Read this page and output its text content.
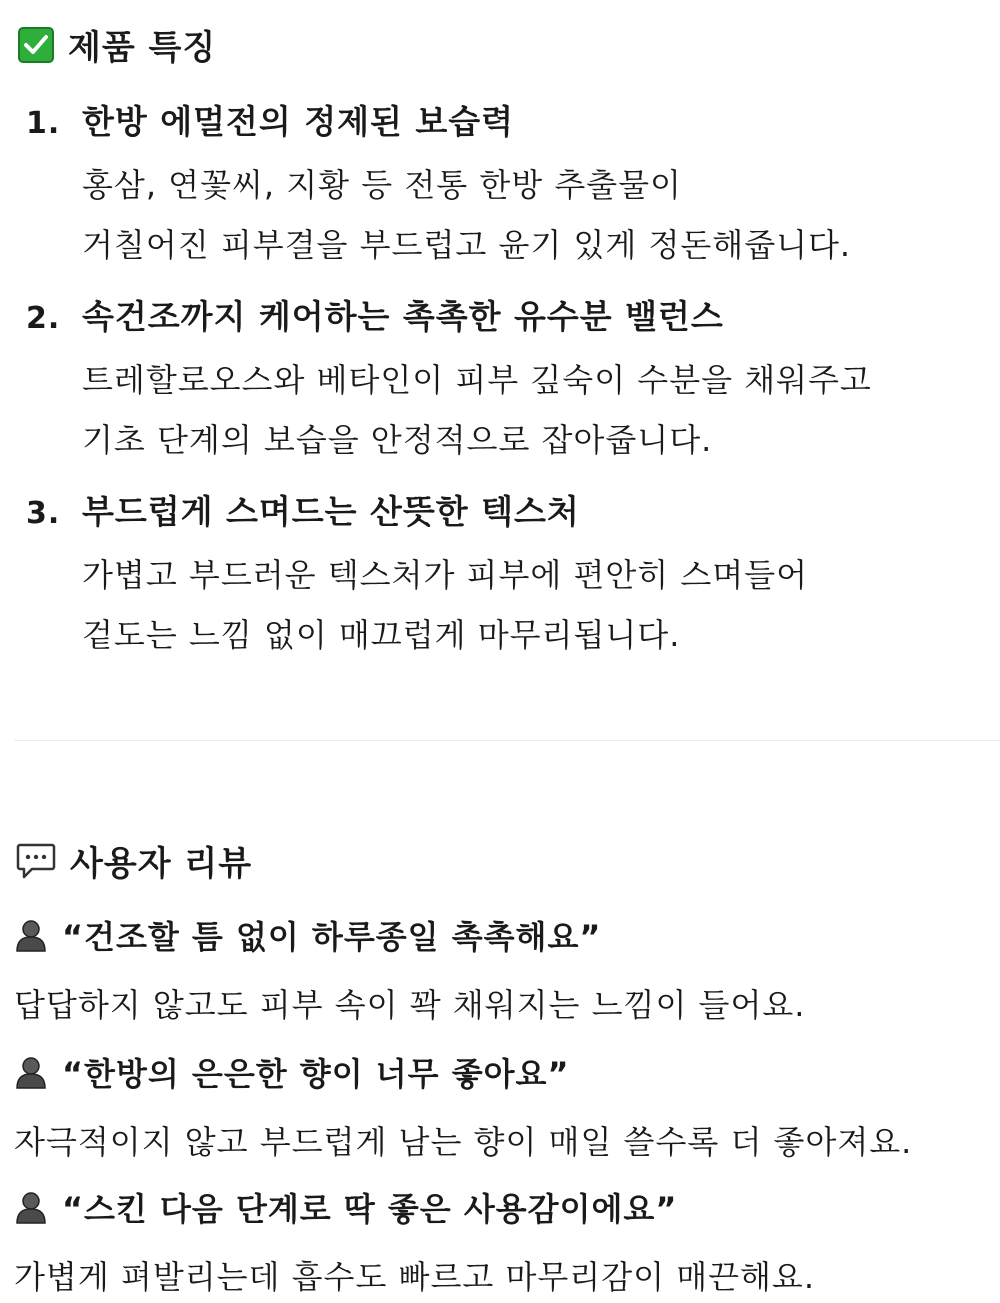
제품 특징
1. 한방 에멀전의 정제된 보습력
홍삼, 연꽃씨, 지황 등 전통 한방 추출물이
거칠어진 피부결을 부드럽고 윤기 있게 정돈해줍니다.
2. 속건조까지 케어하는 촉촉한 유수분 밸런스
트레할로오스와 베타인이 피부 깊숙이 수분을 채워주고
기초 단계의 보습을 안정적으로 잡아줍니다.
3. 부드럽게 스며드는 산뜻한 텍스처
가볍고 부드러운 텍스처가 피부에 편안히 스며들어
겉도는 느낌 없이 매끄럽게 마무리됩니다.
사용자 리뷰
“건조할 틈 없이 하루종일 촉촉해요”
답답하지 않고도 피부 속이 꽉 채워지는 느낌이 들어요.
“한방의 은은한 향이 너무 좋아요”
자극적이지 않고 부드럽게 남는 향이 매일 쓸수록 더 좋아져요.
“스킨 다음 단계로 딱 좋은 사용감이에요”
가볍게 펴발리는데 흡수도 빠르고 마무리감이 매끈해요.
